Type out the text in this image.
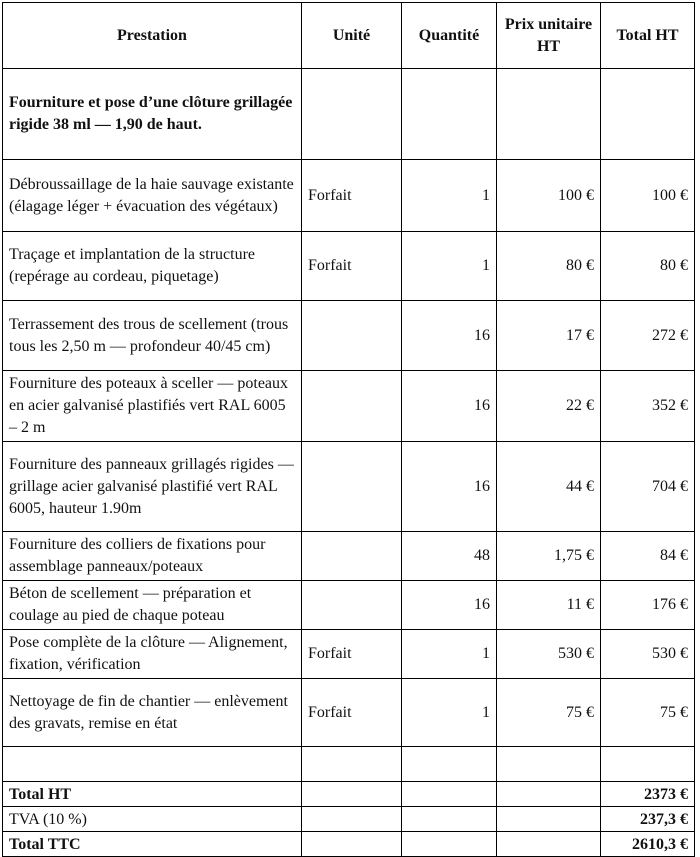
Prestation	Unité	Quantité	Prix unitaire HT	Total HT
Fourniture et pose d’une clôture grillagée rigide 38 ml — 1,90 de haut.				
Débroussaillage de la haie sauvage existante (élagage léger + évacuation des végétaux)	Forfait	1	100 €	100 €
Traçage et implantation de la structure (repérage au cordeau, piquetage)	Forfait	1	80 €	80 €
Terrassement des trous de scellement (trous tous les 2,50 m — profondeur 40/45 cm)		16	17 €	272 €
Fourniture des poteaux à sceller — poteaux en acier galvanisé plastifiés vert RAL 6005 – 2 m		16	22 €	352 €
Fourniture des panneaux grillagés rigides — grillage acier galvanisé plastifié vert RAL 6005, hauteur 1.90m		16	44 €	704 €
Fourniture des colliers de fixations pour assemblage panneaux/poteaux		48	1,75 €	84 €
Béton de scellement — préparation et coulage au pied de chaque poteau		16	11 €	176 €
Pose complète de la clôture — Alignement, fixation, vérification	Forfait	1	530 €	530 €
Nettoyage de fin de chantier — enlèvement des gravats, remise en état	Forfait	1	75 €	75 €

Total HT				2373 €
TVA (10 %)				237,3 €
Total TTC				2610,3 €
